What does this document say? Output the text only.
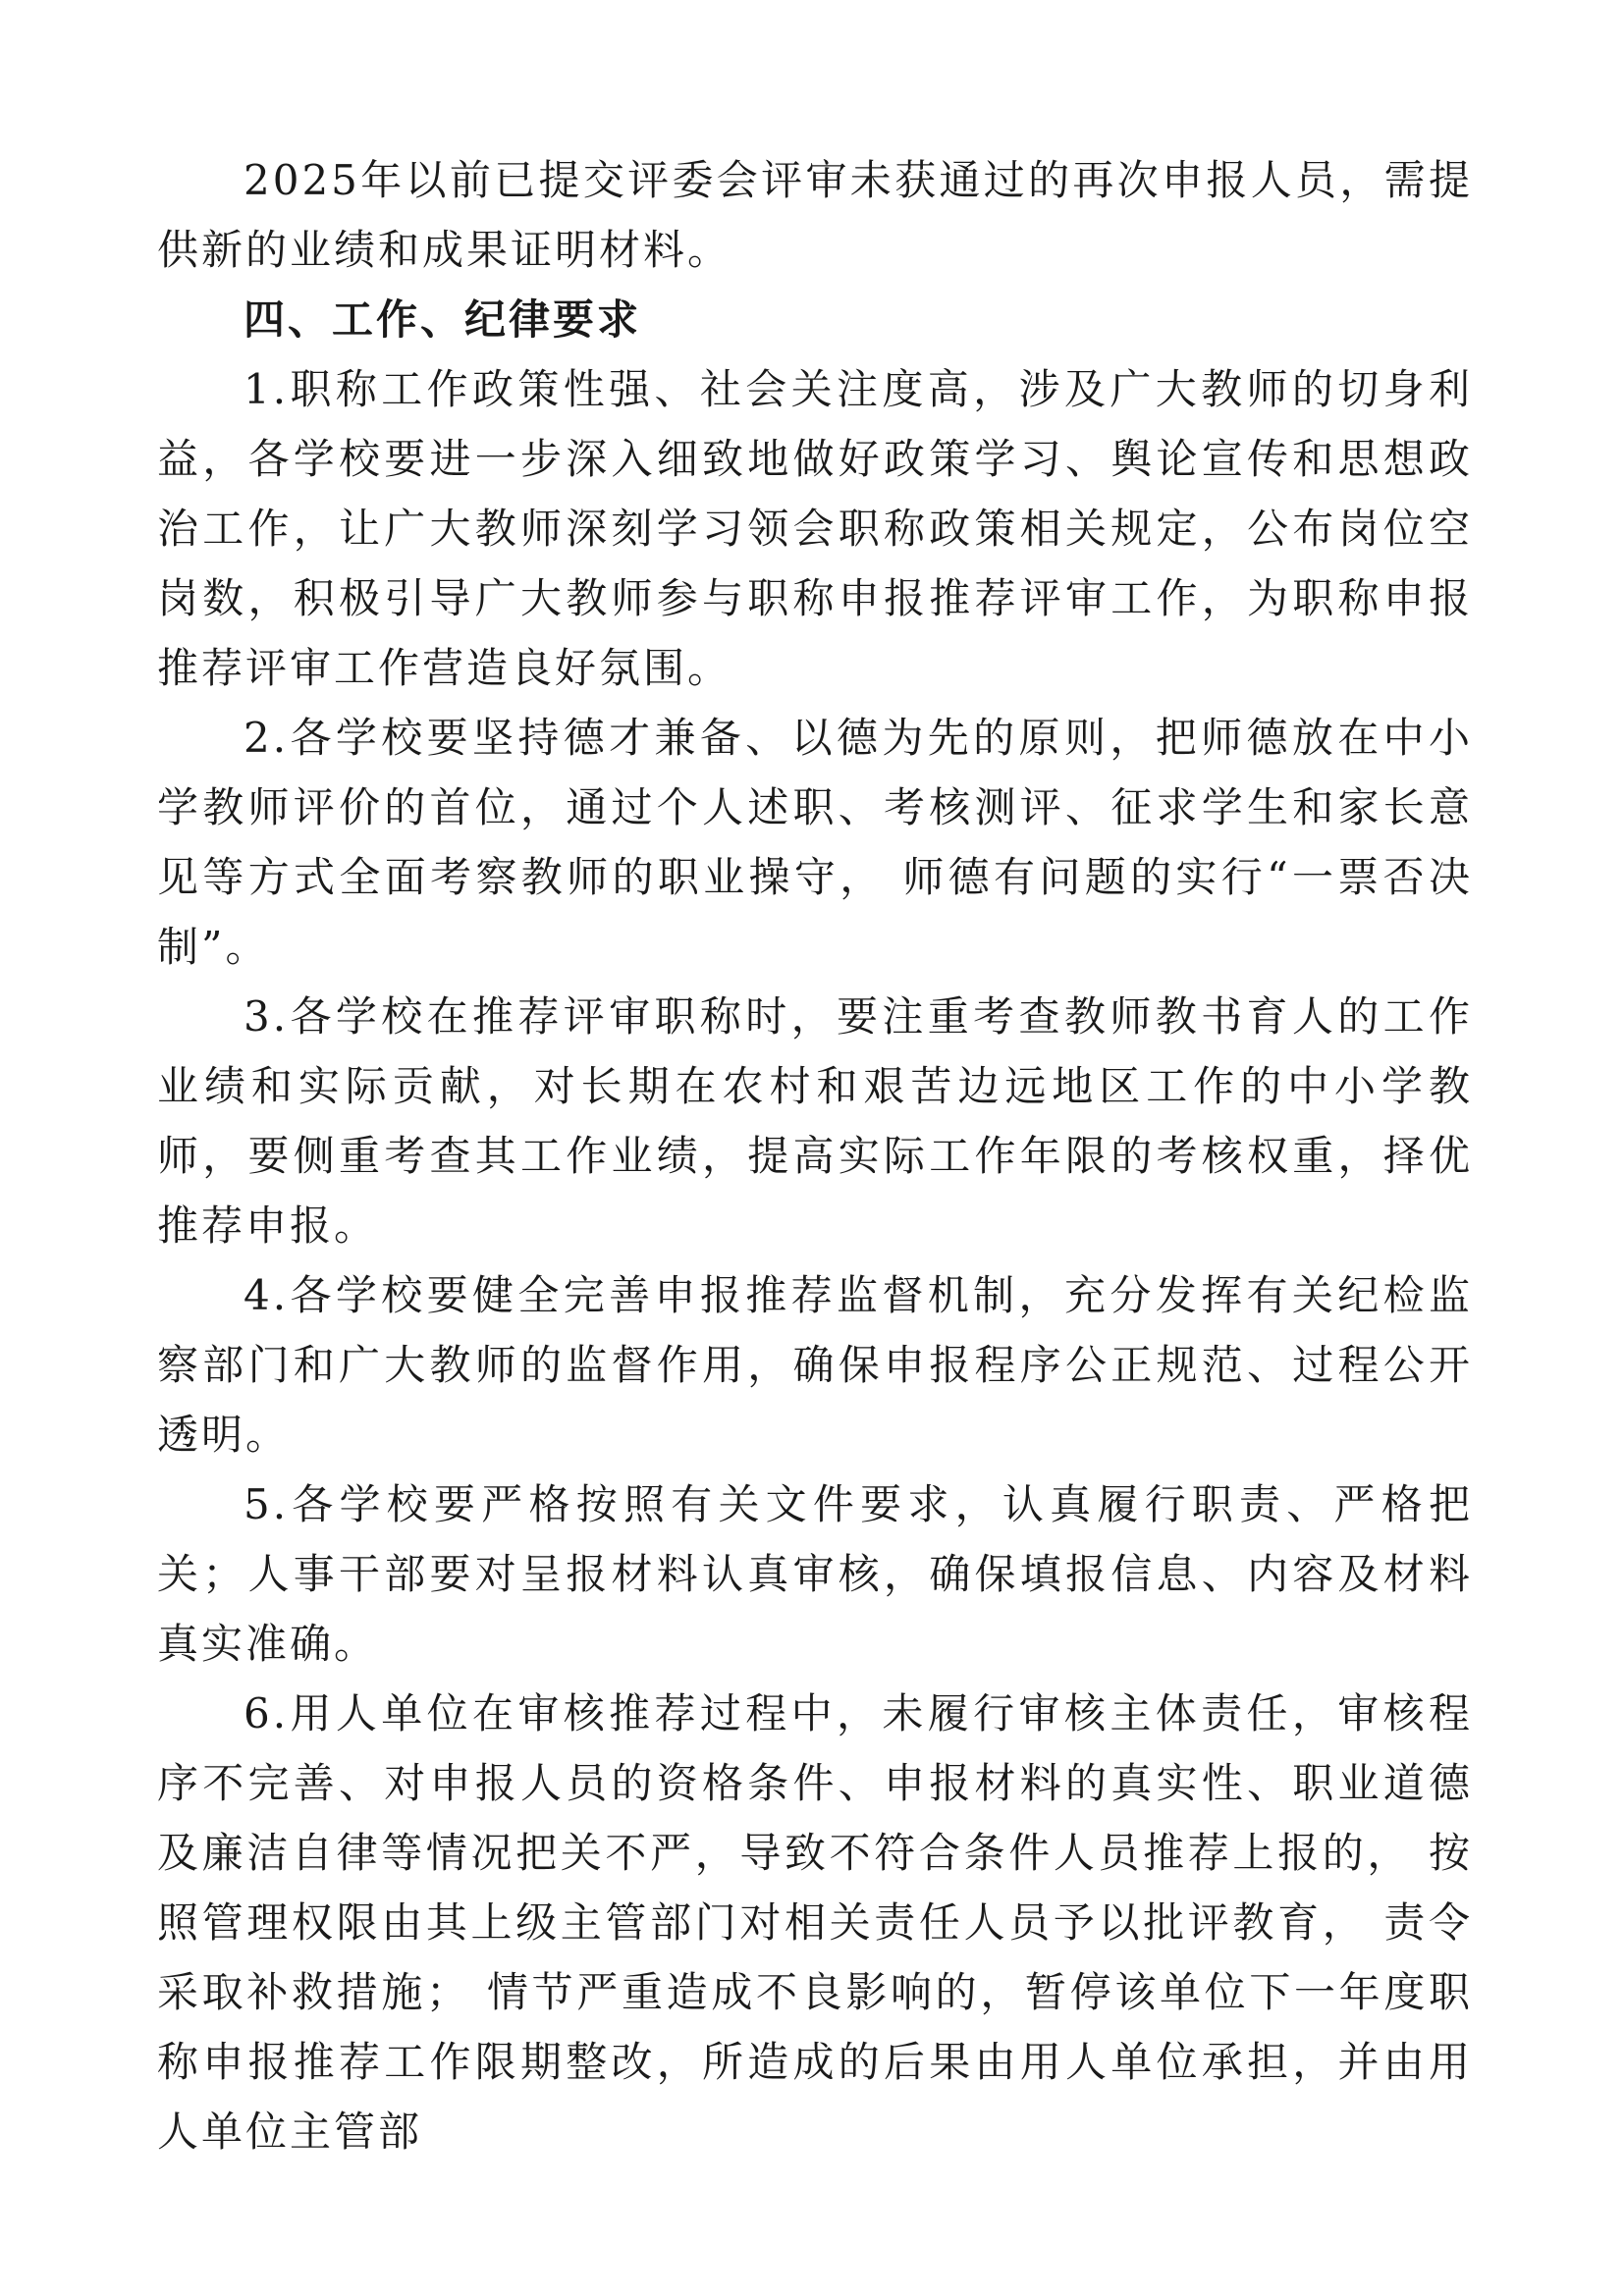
2025年以前已提交评委会评审未获通过的再次申报人员，需提供新的业绩和成果证明材料。

四、工作、纪律要求

1.职称工作政策性强、社会关注度高，涉及广大教师的切身利益，各学校要进一步深入细致地做好政策学习、舆论宣传和思想政治工作，让广大教师深刻学习领会职称政策相关规定，公布岗位空岗数，积极引导广大教师参与职称申报推荐评审工作，为职称申报推荐评审工作营造良好氛围。

2.各学校要坚持德才兼备、以德为先的原则，把师德放在中小学教师评价的首位，通过个人述职、考核测评、征求学生和家长意见等方式全面考察教师的职业操守， 师德有问题的实行“一票否决制”。

3.各学校在推荐评审职称时，要注重考查教师教书育人的工作业绩和实际贡献，对长期在农村和艰苦边远地区工作的中小学教师，要侧重考查其工作业绩，提高实际工作年限的考核权重，择优推荐申报。

4.各学校要健全完善申报推荐监督机制，充分发挥有关纪检监察部门和广大教师的监督作用，确保申报程序公正规范、过程公开透明。

5.各学校要严格按照有关文件要求，认真履行职责、严格把关；人事干部要对呈报材料认真审核，确保填报信息、内容及材料真实准确。

6.用人单位在审核推荐过程中，未履行审核主体责任，审核程序不完善、对申报人员的资格条件、申报材料的真实性、职业道德及廉洁自律等情况把关不严，导致不符合条件人员推荐上报的， 按照管理权限由其上级主管部门对相关责任人员予以批评教育， 责令采取补救措施； 情节严重造成不良影响的，暂停该单位下一年度职称申报推荐工作限期整改，所造成的后果由用人单位承担，并由用人单位主管部
